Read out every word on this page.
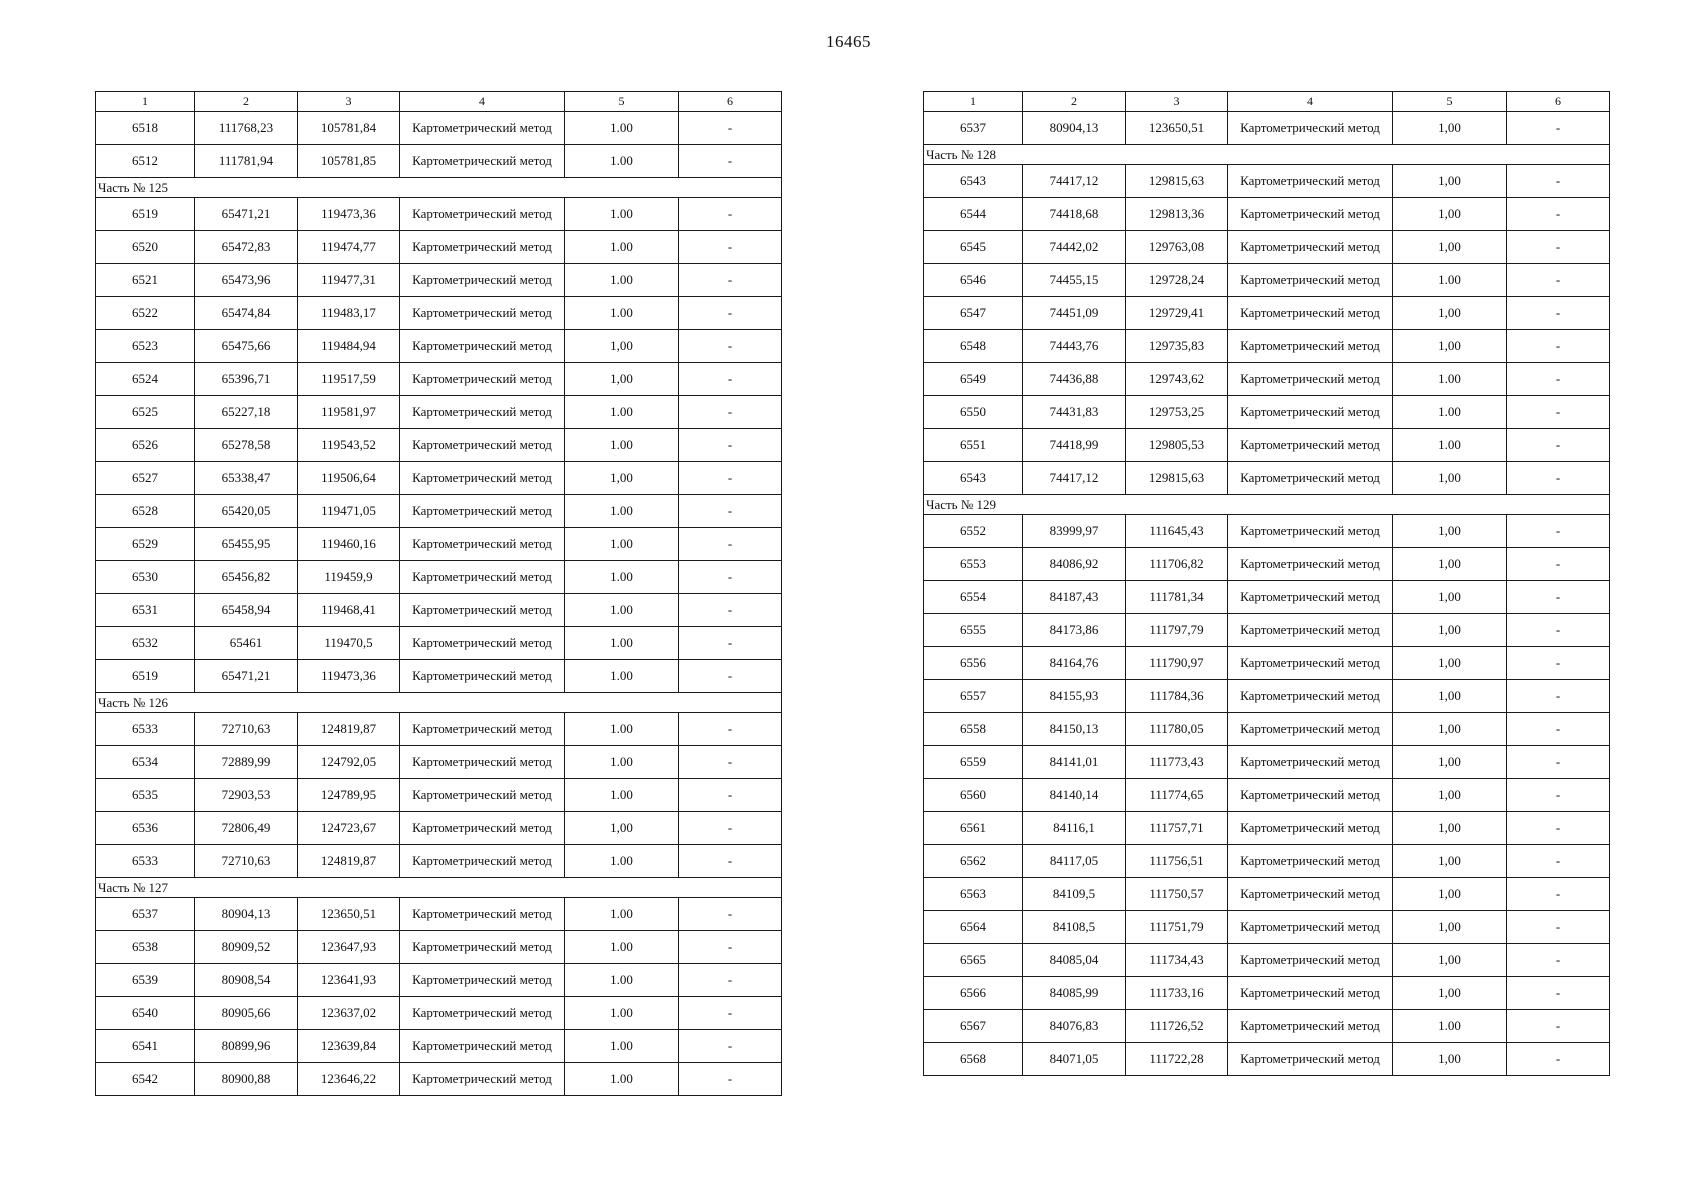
16465
1	2	3	4	5	6
6518	111768,23	105781,84	Картометрический метод	1.00	-
6512	111781,94	105781,85	Картометрический метод	1.00	-
Часть № 125					
6519	65471,21	119473,36	Картометрический метод	1.00	-
6520	65472,83	119474,77	Картометрический метод	1.00	-
6521	65473,96	119477,31	Картометрический метод	1.00	-
6522	65474,84	119483,17	Картометрический метод	1.00	-
6523	65475,66	119484,94	Картометрический метод	1,00	-
6524	65396,71	119517,59	Картометрический метод	1,00	-
6525	65227,18	119581,97	Картометрический метод	1.00	-
6526	65278,58	119543,52	Картометрический метод	1.00	-
6527	65338,47	119506,64	Картометрический метод	1,00	-
6528	65420,05	119471,05	Картометрический метод	1.00	-
6529	65455,95	119460,16	Картометрический метод	1.00	-
6530	65456,82	119459,9	Картометрический метод	1.00	-
6531	65458,94	119468,41	Картометрический метод	1.00	-
6532	65461	119470,5	Картометрический метод	1.00	-
6519	65471,21	119473,36	Картометрический метод	1.00	-
Часть № 126					
6533	72710,63	124819,87	Картометрический метод	1.00	-
6534	72889,99	124792,05	Картометрический метод	1.00	-
6535	72903,53	124789,95	Картометрический метод	1.00	-
6536	72806,49	124723,67	Картометрический метод	1,00	-
6533	72710,63	124819,87	Картометрический метод	1.00	-
Часть № 127					
6537	80904,13	123650,51	Картометрический метод	1.00	-
6538	80909,52	123647,93	Картометрический метод	1.00	-
6539	80908,54	123641,93	Картометрический метод	1.00	-
6540	80905,66	123637,02	Картометрический метод	1.00	-
6541	80899,96	123639,84	Картометрический метод	1.00	-
6542	80900,88	123646,22	Картометрический метод	1.00	-
1	2	3	4	5	6
6537	80904,13	123650,51	Картометрический метод	1,00	-
Часть № 128					
6543	74417,12	129815,63	Картометрический метод	1,00	-
6544	74418,68	129813,36	Картометрический метод	1,00	-
6545	74442,02	129763,08	Картометрический метод	1,00	-
6546	74455,15	129728,24	Картометрический метод	1.00	-
6547	74451,09	129729,41	Картометрический метод	1,00	-
6548	74443,76	129735,83	Картометрический метод	1,00	-
6549	74436,88	129743,62	Картометрический метод	1.00	-
6550	74431,83	129753,25	Картометрический метод	1.00	-
6551	74418,99	129805,53	Картометрический метод	1.00	-
6543	74417,12	129815,63	Картометрический метод	1,00	-
Часть № 129					
6552	83999,97	111645,43	Картометрический метод	1,00	-
6553	84086,92	111706,82	Картометрический метод	1,00	-
6554	84187,43	111781,34	Картометрический метод	1,00	-
6555	84173,86	111797,79	Картометрический метод	1,00	-
6556	84164,76	111790,97	Картометрический метод	1,00	-
6557	84155,93	111784,36	Картометрический метод	1,00	-
6558	84150,13	111780,05	Картометрический метод	1,00	-
6559	84141,01	111773,43	Картометрический метод	1,00	-
6560	84140,14	111774,65	Картометрический метод	1,00	-
6561	84116,1	111757,71	Картометрический метод	1,00	-
6562	84117,05	111756,51	Картометрический метод	1,00	-
6563	84109,5	111750,57	Картометрический метод	1,00	-
6564	84108,5	111751,79	Картометрический метод	1,00	-
6565	84085,04	111734,43	Картометрический метод	1,00	-
6566	84085,99	111733,16	Картометрический метод	1,00	-
6567	84076,83	111726,52	Картометрический метод	1.00	-
6568	84071,05	111722,28	Картометрический метод	1,00	-
